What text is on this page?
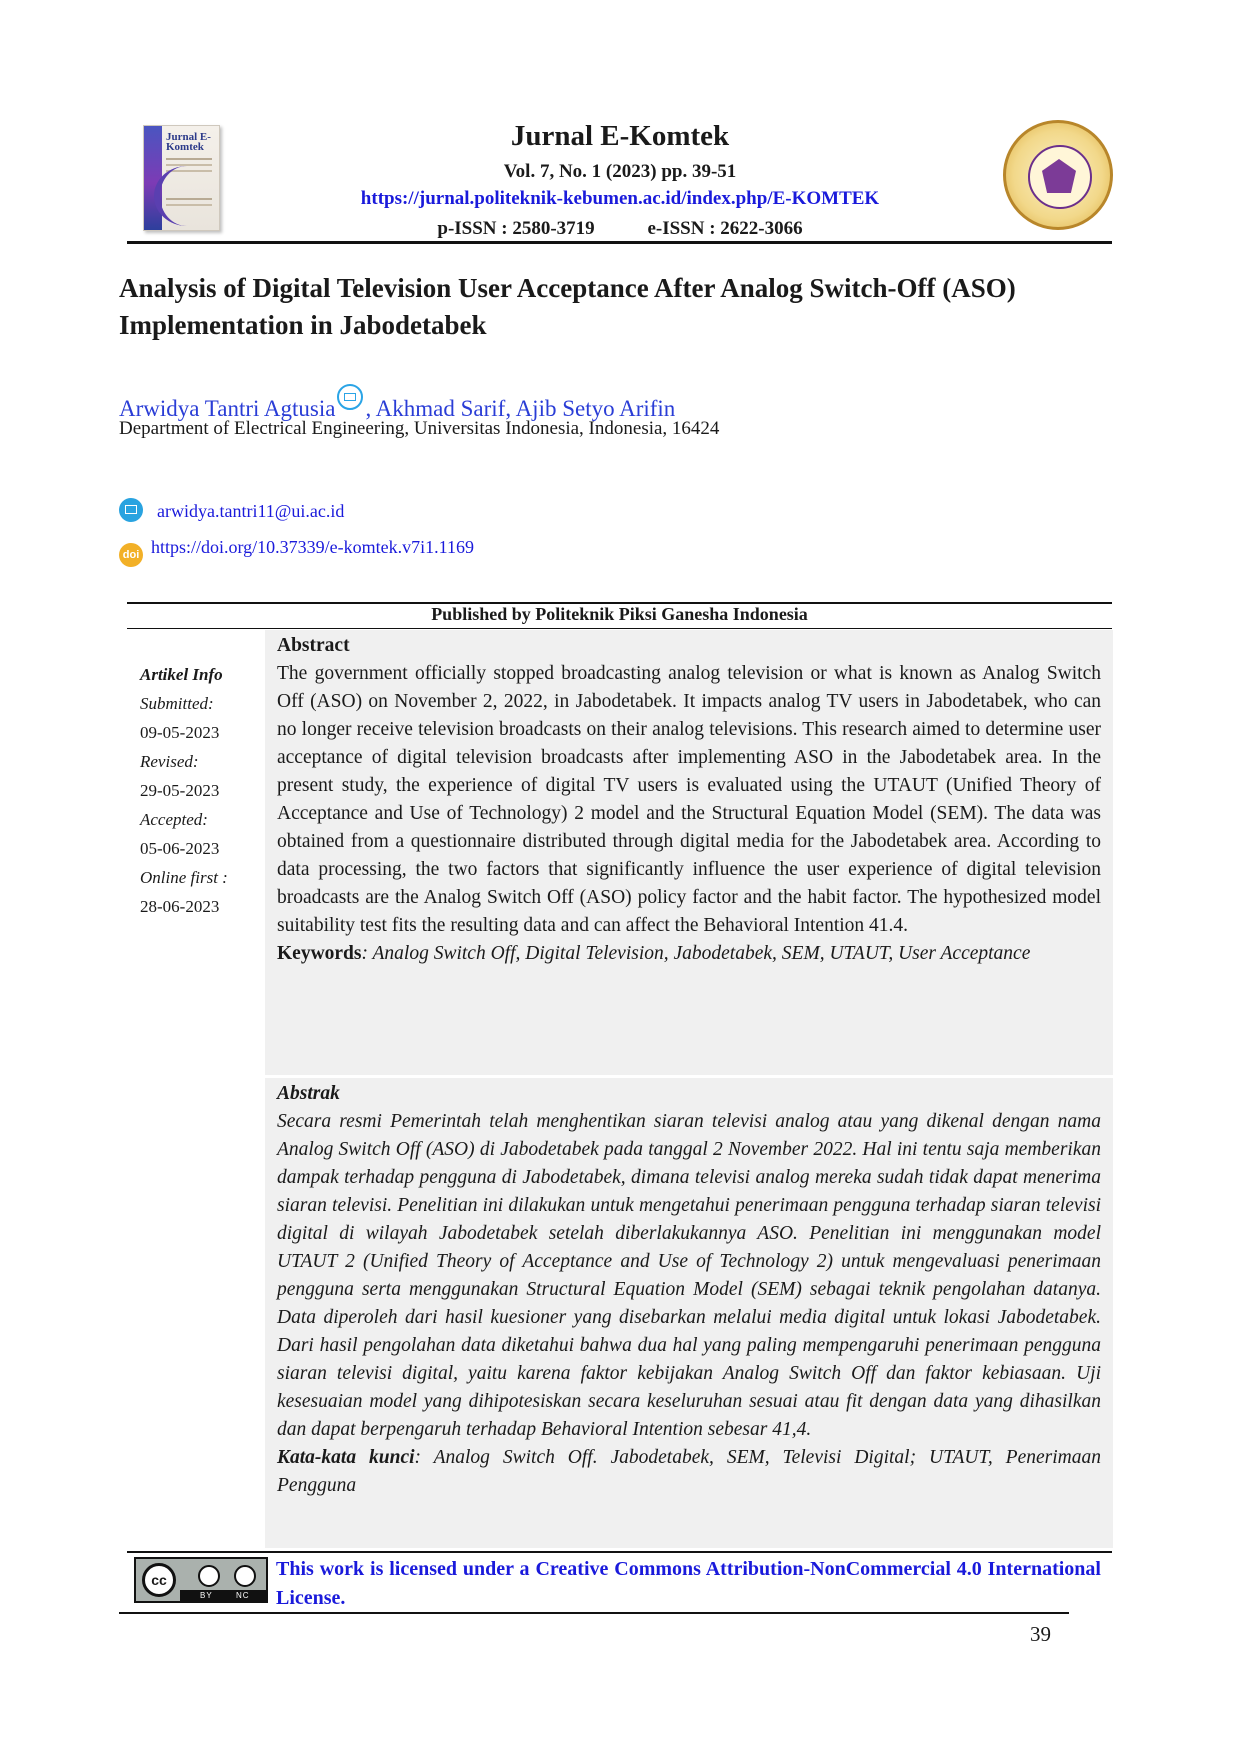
Jurnal E-Komtek	Jurnal E-Komtek
Vol. 7, No. 1 (2023) pp. 39-51
https://jurnal.politeknik-kebumen.ac.id/index.php/E-KOMTEK
p-ISSN : 2580-3719	e-ISSN : 2622-3066
Analysis of Digital Television User Acceptance After Analog Switch-Off (ASO) Implementation in Jabodetabek
Arwidya Tantri Agtusia , Akhmad Sarif, Ajib Setyo Arifin
Department of Electrical Engineering, Universitas Indonesia, Indonesia, 16424
arwidya.tantri11@ui.ac.id
doi https://doi.org/10.37339/e-komtek.v7i1.1169
Published by Politeknik Piksi Ganesha Indonesia
Artikel Info
Submitted:
09-05-2023
Revised:
29-05-2023
Accepted:
05-06-2023
Online first :
28-06-2023
Abstract

The government officially stopped broadcasting analog television or what is known as Analog Switch Off (ASO) on November 2, 2022, in Jabodetabek. It impacts analog TV users in Jabodetabek, who can no longer receive television broadcasts on their analog televisions. This research aimed to determine user acceptance of digital television broadcasts after implementing ASO in the Jabodetabek area. In the present study, the experience of digital TV users is evaluated using the UTAUT (Unified Theory of Acceptance and Use of Technology) 2 model and the Structural Equation Model (SEM). The data was obtained from a questionnaire distributed through digital media for the Jabodetabek area. According to data processing, the two factors that significantly influence the user experience of digital television broadcasts are the Analog Switch Off (ASO) policy factor and the habit factor. The hypothesized model suitability test fits the resulting data and can affect the Behavioral Intention 41.4.

Keywords: Analog Switch Off, Digital Television, Jabodetabek, SEM, UTAUT, User Acceptance

Abstrak

Secara resmi Pemerintah telah menghentikan siaran televisi analog atau yang dikenal dengan nama Analog Switch Off (ASO) di Jabodetabek pada tanggal 2 November 2022. Hal ini tentu saja memberikan dampak terhadap pengguna di Jabodetabek, dimana televisi analog mereka sudah tidak dapat menerima siaran televisi. Penelitian ini dilakukan untuk mengetahui penerimaan pengguna terhadap siaran televisi digital di wilayah Jabodetabek setelah diberlakukannya ASO. Penelitian ini menggunakan model UTAUT 2 (Unified Theory of Acceptance and Use of Technology 2) untuk mengevaluasi penerimaan pengguna serta menggunakan Structural Equation Model (SEM) sebagai teknik pengolahan datanya. Data diperoleh dari hasil kuesioner yang disebarkan melalui media digital untuk lokasi Jabodetabek. Dari hasil pengolahan data diketahui bahwa dua hal yang paling mempengaruhi penerimaan pengguna siaran televisi digital, yaitu karena faktor kebijakan Analog Switch Off dan faktor kebiasaan. Uji kesesuaian model yang dihipotesiskan secara keseluruhan sesuai atau fit dengan data yang dihasilkan dan dapat berpengaruh terhadap Behavioral Intention sebesar 41,4.

Kata-kata kunci: Analog Switch Off. Jabodetabek, SEM, Televisi Digital; UTAUT, Penerimaan Pengguna

cc
BY	NC
This work is licensed under a Creative Commons Attribution-NonCommercial 4.0 International License.
39
